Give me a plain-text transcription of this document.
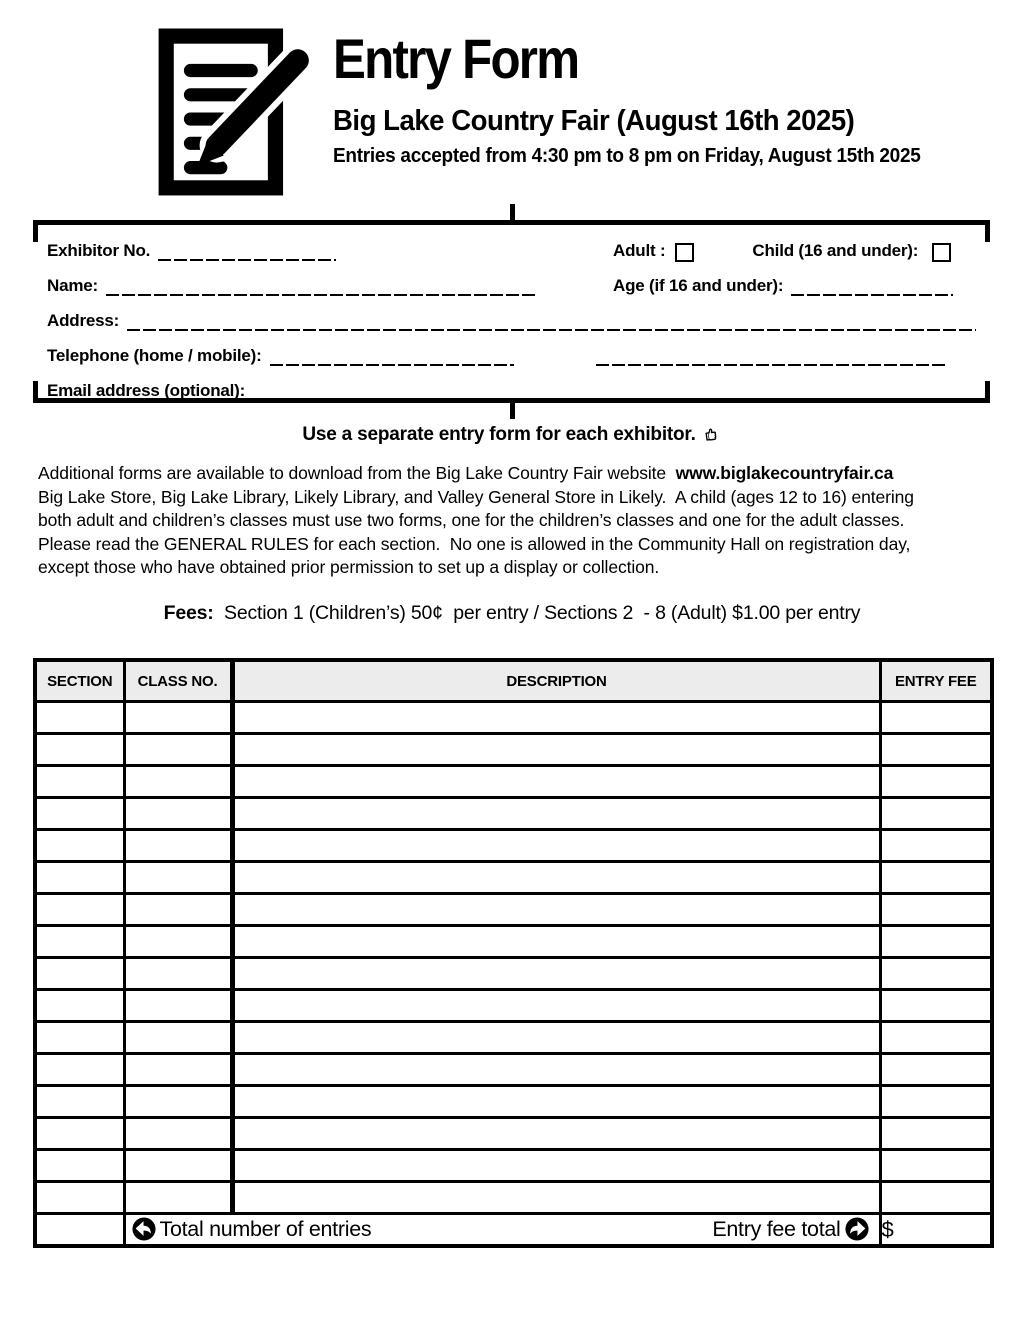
Entry Form
Big Lake Country Fair (August 16th 2025)
Entries accepted from 4:30 pm to 8 pm on Friday, August 15th 2025
Exhibitor No.	Adult :	Child (16 and under):
Name:	Age (if 16 and under):
Address:
Telephone (home / mobile):
Email address (optional):
Use a separate entry form for each exhibitor.
Additional forms are available to download from the Big Lake Country Fair website  www.biglakecountryfair.ca
Big Lake Store, Big Lake Library, Likely Library, and Valley General Store in Likely.  A child (ages 12 to 16) entering
both adult and children’s classes must use two forms, one for the children’s classes and one for the adult classes.
Please read the GENERAL RULES for each section.  No one is allowed in the Community Hall on registration day,
except those who have obtained prior permission to set up a display or collection.
Fees:  Section 1 (Children’s) 50¢  per entry / Sections 2  - 8 (Adult) $1.00 per entry
SECTION	CLASS NO.	DESCRIPTION	ENTRY FEE

	Total number of entries Entry fee total		$
